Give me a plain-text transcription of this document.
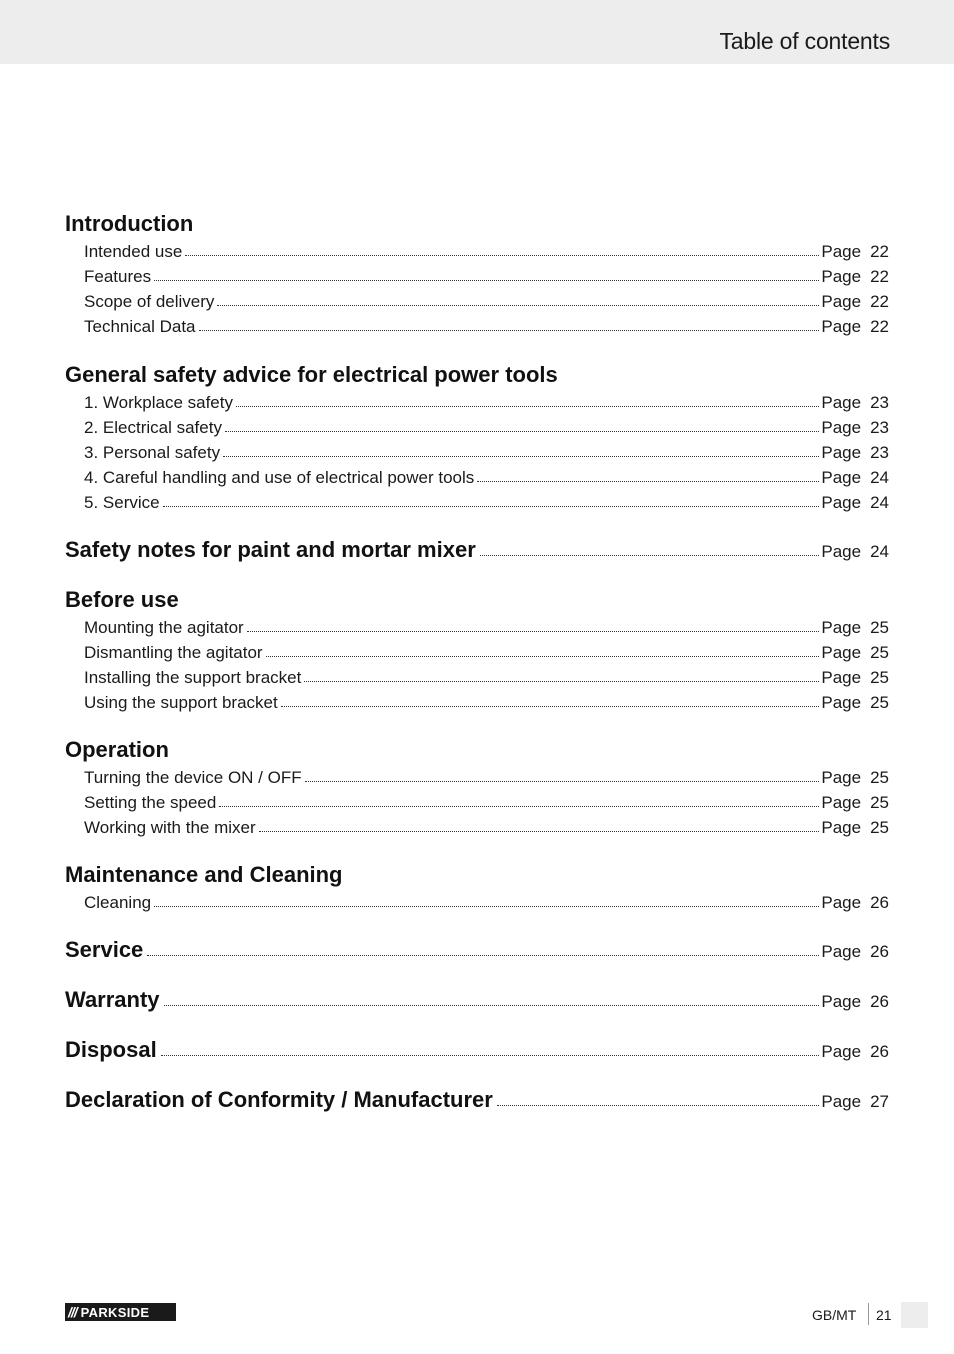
Table of contents
Introduction
Intended use	Page 22
Features	Page 22
Scope of delivery	Page 22
Technical Data	Page 22
General safety advice for electrical power tools
1. Workplace safety	Page 23
2. Electrical safety	Page 23
3. Personal safety	Page 23
4. Careful handling and use of electrical power tools	Page 24
5. Service	Page 24
Safety notes for paint and mortar mixer	Page 24
Before use
Mounting the agitator	Page 25
Dismantling the agitator	Page 25
Installing the support bracket	Page 25
Using the support bracket	Page 25
Operation
Turning the device ON / OFF	Page 25
Setting the speed	Page 25
Working with the mixer	Page 25
Maintenance and Cleaning
Cleaning	Page 26
Service	Page 26
Warranty	Page 26
Disposal	Page 26
Declaration of Conformity / Manufacturer	Page 27
/// PARKSIDE	GB/MT 21
